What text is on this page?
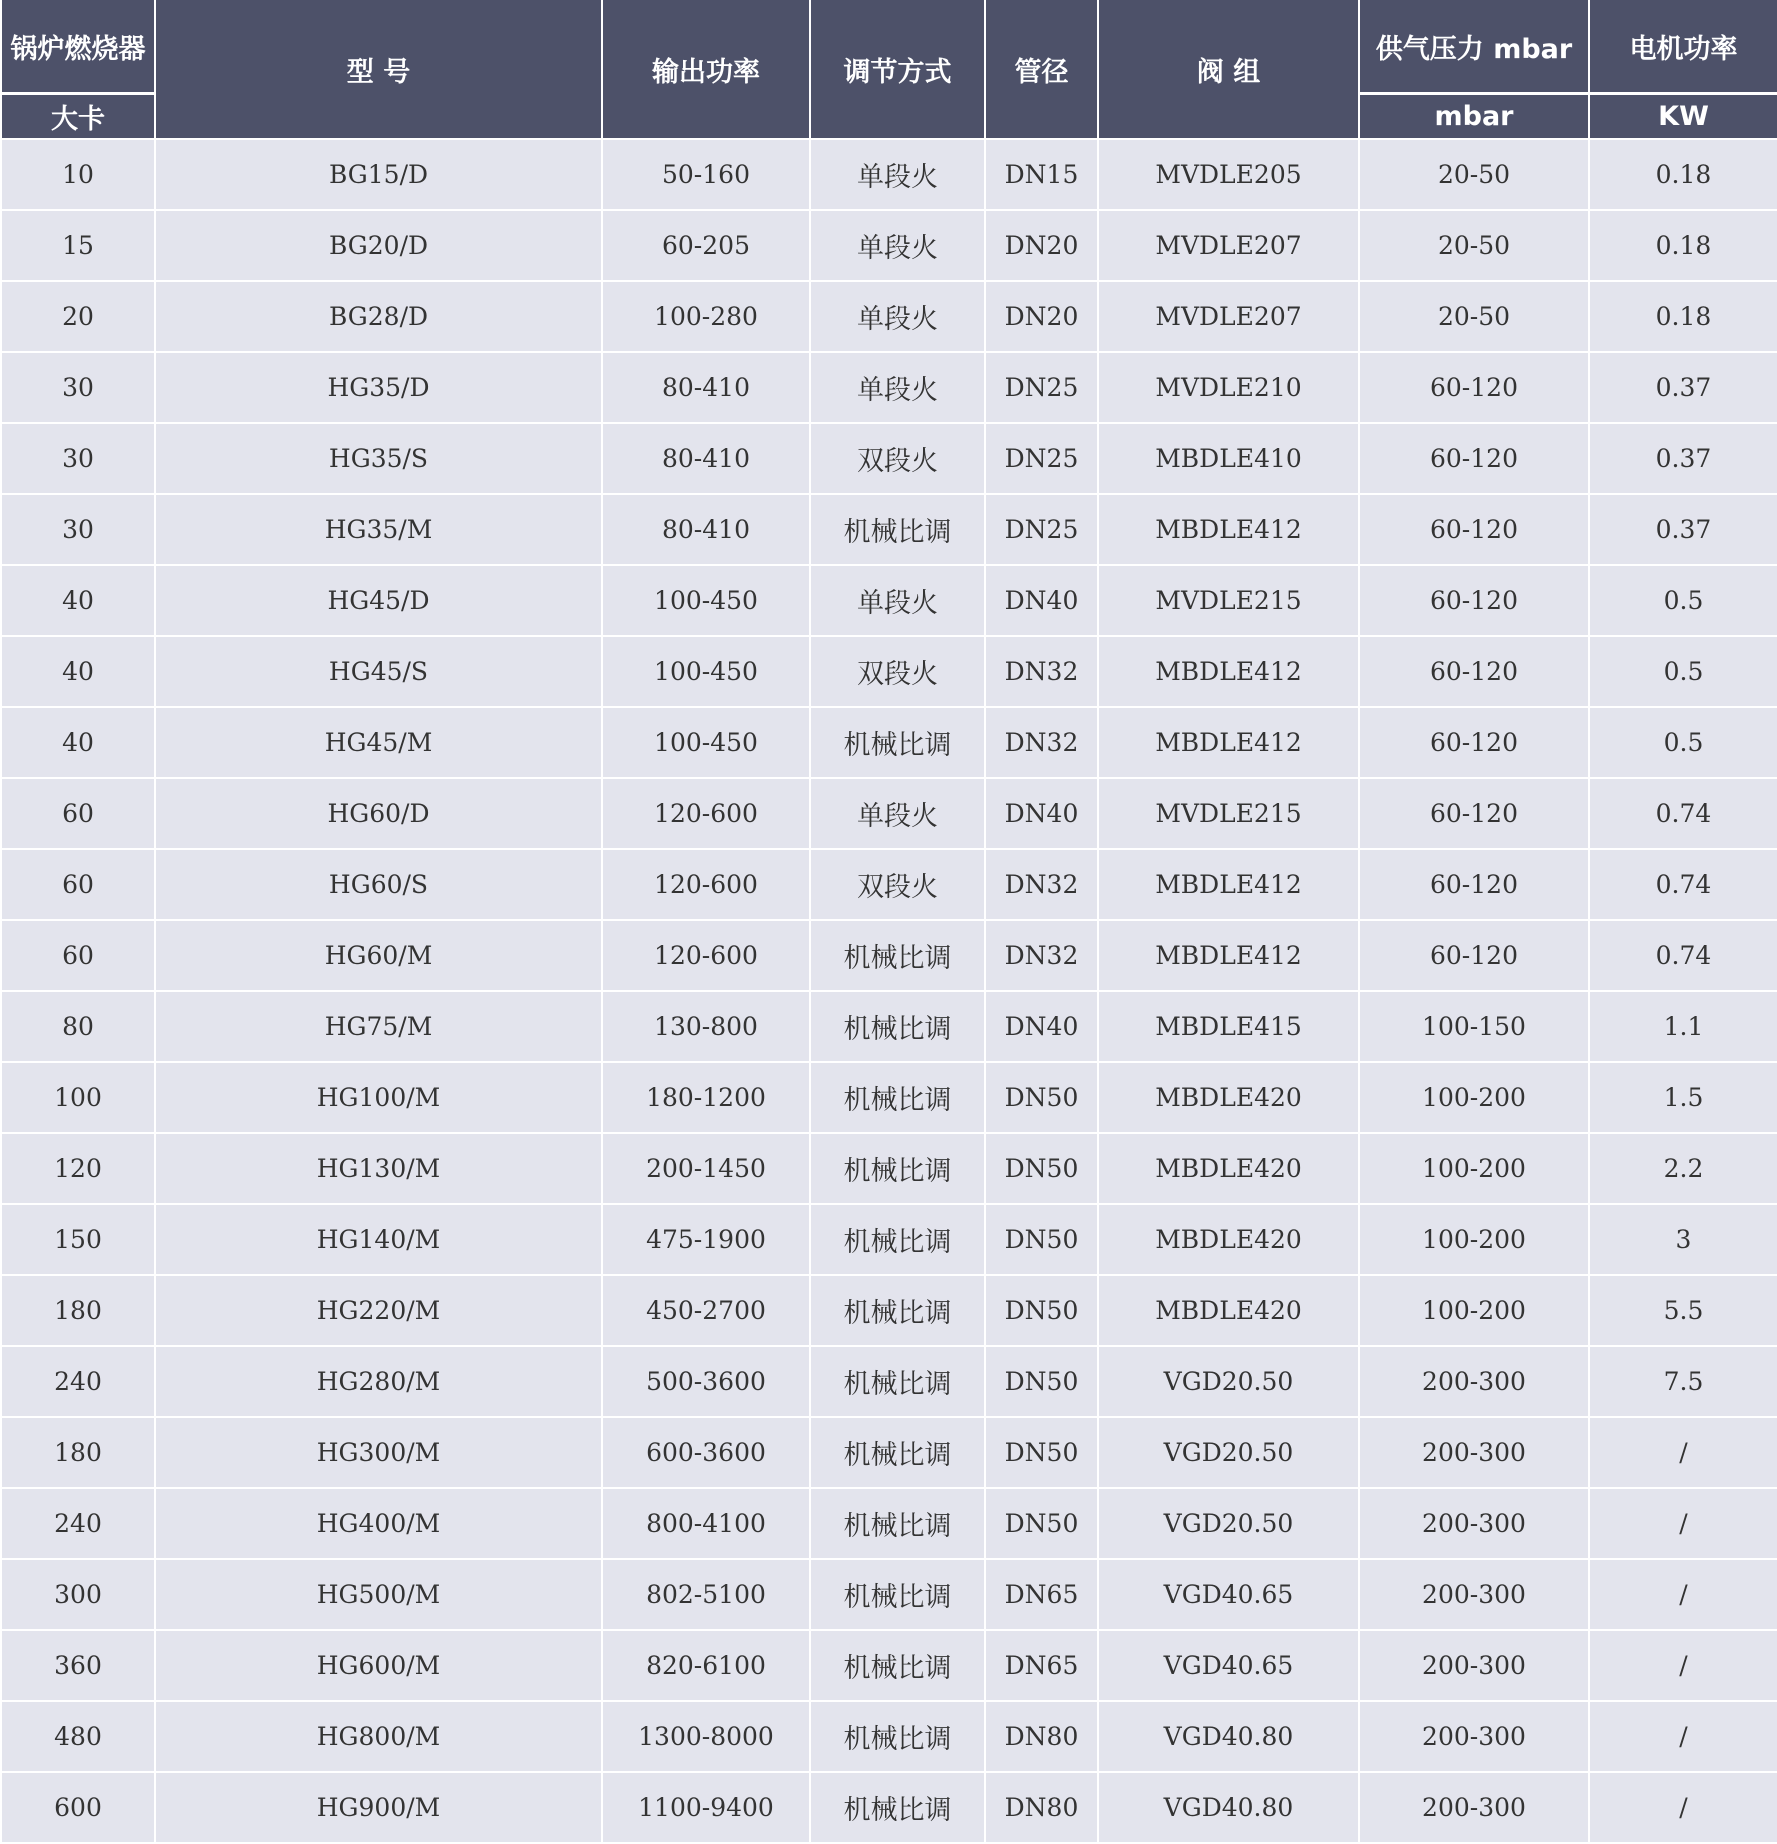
锅炉燃烧器	型 号	输出功率	调节方式	管径	阀 组	供气压力 mbar	电机功率
大卡						mbar	KW
10	BG15/D	50-160	单段火	DN15	MVDLE205	20-50	0.18
15	BG20/D	60-205	单段火	DN20	MVDLE207	20-50	0.18
20	BG28/D	100-280	单段火	DN20	MVDLE207	20-50	0.18
30	HG35/D	80-410	单段火	DN25	MVDLE210	60-120	0.37
30	HG35/S	80-410	双段火	DN25	MBDLE410	60-120	0.37
30	HG35/M	80-410	机械比调	DN25	MBDLE412	60-120	0.37
40	HG45/D	100-450	单段火	DN40	MVDLE215	60-120	0.5
40	HG45/S	100-450	双段火	DN32	MBDLE412	60-120	0.5
40	HG45/M	100-450	机械比调	DN32	MBDLE412	60-120	0.5
60	HG60/D	120-600	单段火	DN40	MVDLE215	60-120	0.74
60	HG60/S	120-600	双段火	DN32	MBDLE412	60-120	0.74
60	HG60/M	120-600	机械比调	DN32	MBDLE412	60-120	0.74
80	HG75/M	130-800	机械比调	DN40	MBDLE415	100-150	1.1
100	HG100/M	180-1200	机械比调	DN50	MBDLE420	100-200	1.5
120	HG130/M	200-1450	机械比调	DN50	MBDLE420	100-200	2.2
150	HG140/M	475-1900	机械比调	DN50	MBDLE420	100-200	3
180	HG220/M	450-2700	机械比调	DN50	MBDLE420	100-200	5.5
240	HG280/M	500-3600	机械比调	DN50	VGD20.50	200-300	7.5
180	HG300/M	600-3600	机械比调	DN50	VGD20.50	200-300	/
240	HG400/M	800-4100	机械比调	DN50	VGD20.50	200-300	/
300	HG500/M	802-5100	机械比调	DN65	VGD40.65	200-300	/
360	HG600/M	820-6100	机械比调	DN65	VGD40.65	200-300	/
480	HG800/M	1300-8000	机械比调	DN80	VGD40.80	200-300	/
600	HG900/M	1100-9400	机械比调	DN80	VGD40.80	200-300	/
